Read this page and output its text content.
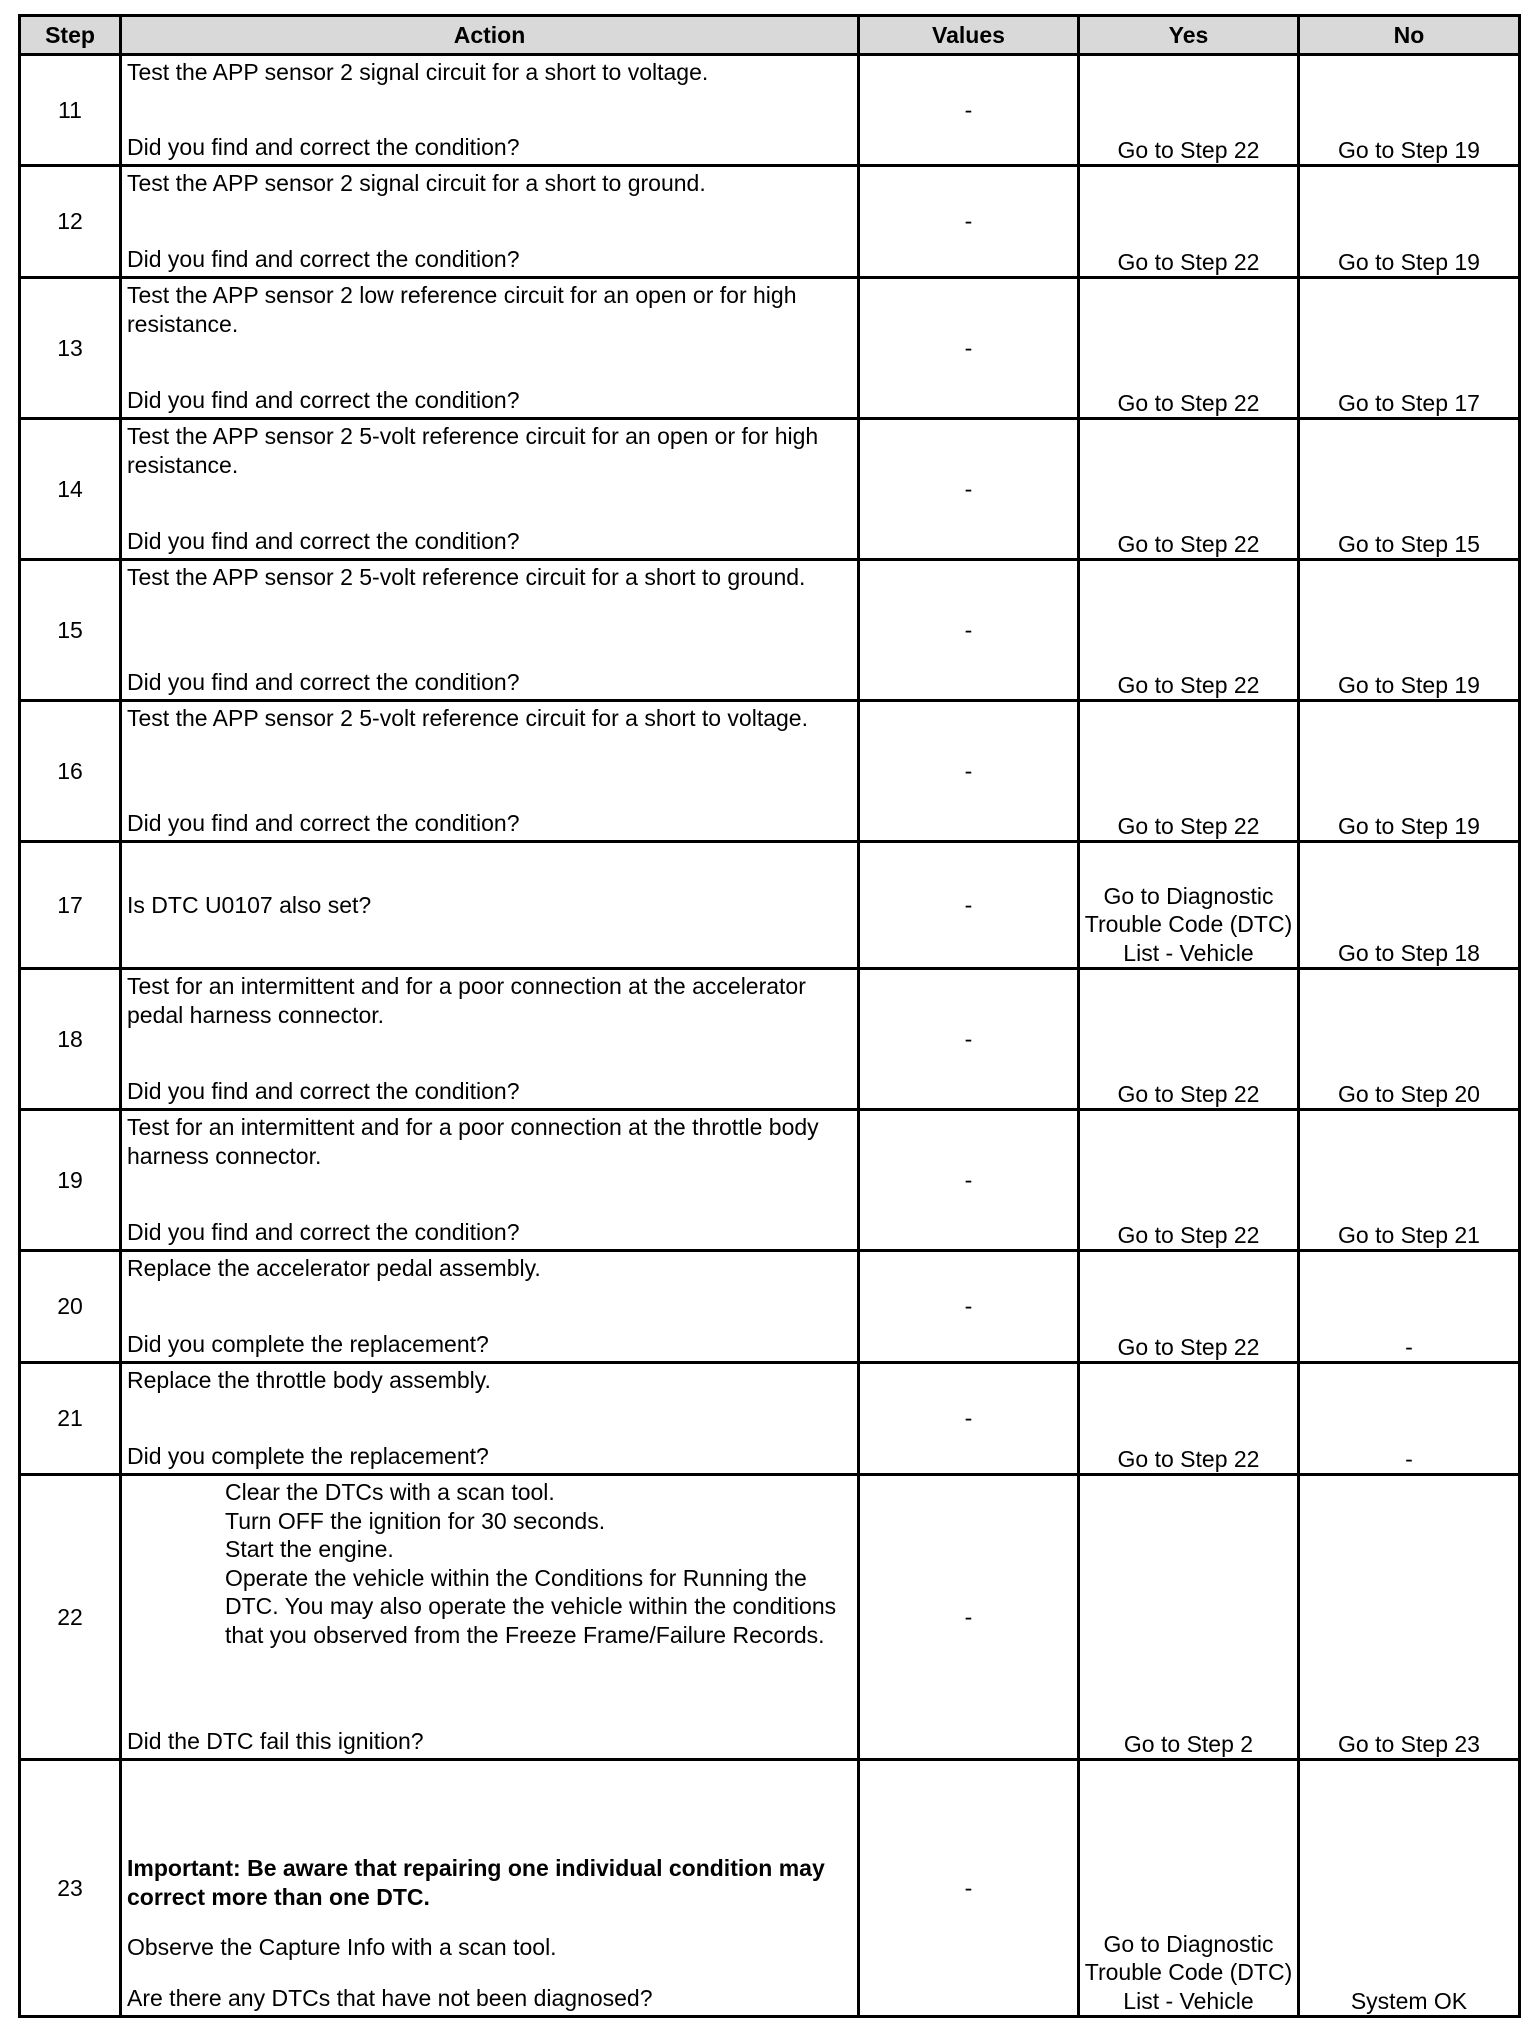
Step	Action	Values	Yes	No
11	Test the APP sensor 2 signal circuit for a short to voltage.
Did you find and correct the condition?	-	Go to Step 22	Go to Step 19
12	Test the APP sensor 2 signal circuit for a short to ground.
Did you find and correct the condition?	-	Go to Step 22	Go to Step 19
13	Test the APP sensor 2 low reference circuit for an open or for high resistance.
Did you find and correct the condition?	-	Go to Step 22	Go to Step 17
14	Test the APP sensor 2 5-volt reference circuit for an open or for high resistance.
Did you find and correct the condition?	-	Go to Step 22	Go to Step 15
15	Test the APP sensor 2 5-volt reference circuit for a short to ground.
Did you find and correct the condition?	-	Go to Step 22	Go to Step 19
16	Test the APP sensor 2 5-volt reference circuit for a short to voltage.
Did you find and correct the condition?	-	Go to Step 22	Go to Step 19
17	Is DTC U0107 also set?	-	Go to Diagnostic Trouble Code (DTC) List - Vehicle	Go to Step 18
18	Test for an intermittent and for a poor connection at the accelerator pedal harness connector.
Did you find and correct the condition?	-	Go to Step 22	Go to Step 20
19	Test for an intermittent and for a poor connection at the throttle body harness connector.
Did you find and correct the condition?	-	Go to Step 22	Go to Step 21
20	Replace the accelerator pedal assembly.
Did you complete the replacement?	-	Go to Step 22	-
21	Replace the throttle body assembly.
Did you complete the replacement?	-	Go to Step 22	-
22	Clear the DTCs with a scan tool.
Turn OFF the ignition for 30 seconds.
Start the engine.
Operate the vehicle within the Conditions for Running the DTC. You may also operate the vehicle within the conditions that you observed from the Freeze Frame/Failure Records.
Did the DTC fail this ignition?	-	Go to Step 2	Go to Step 23
23	Important: Be aware that repairing one individual condition may correct more than one DTC.
Observe the Capture Info with a scan tool.
Are there any DTCs that have not been diagnosed?	-	Go to Diagnostic Trouble Code (DTC) List - Vehicle	System OK
